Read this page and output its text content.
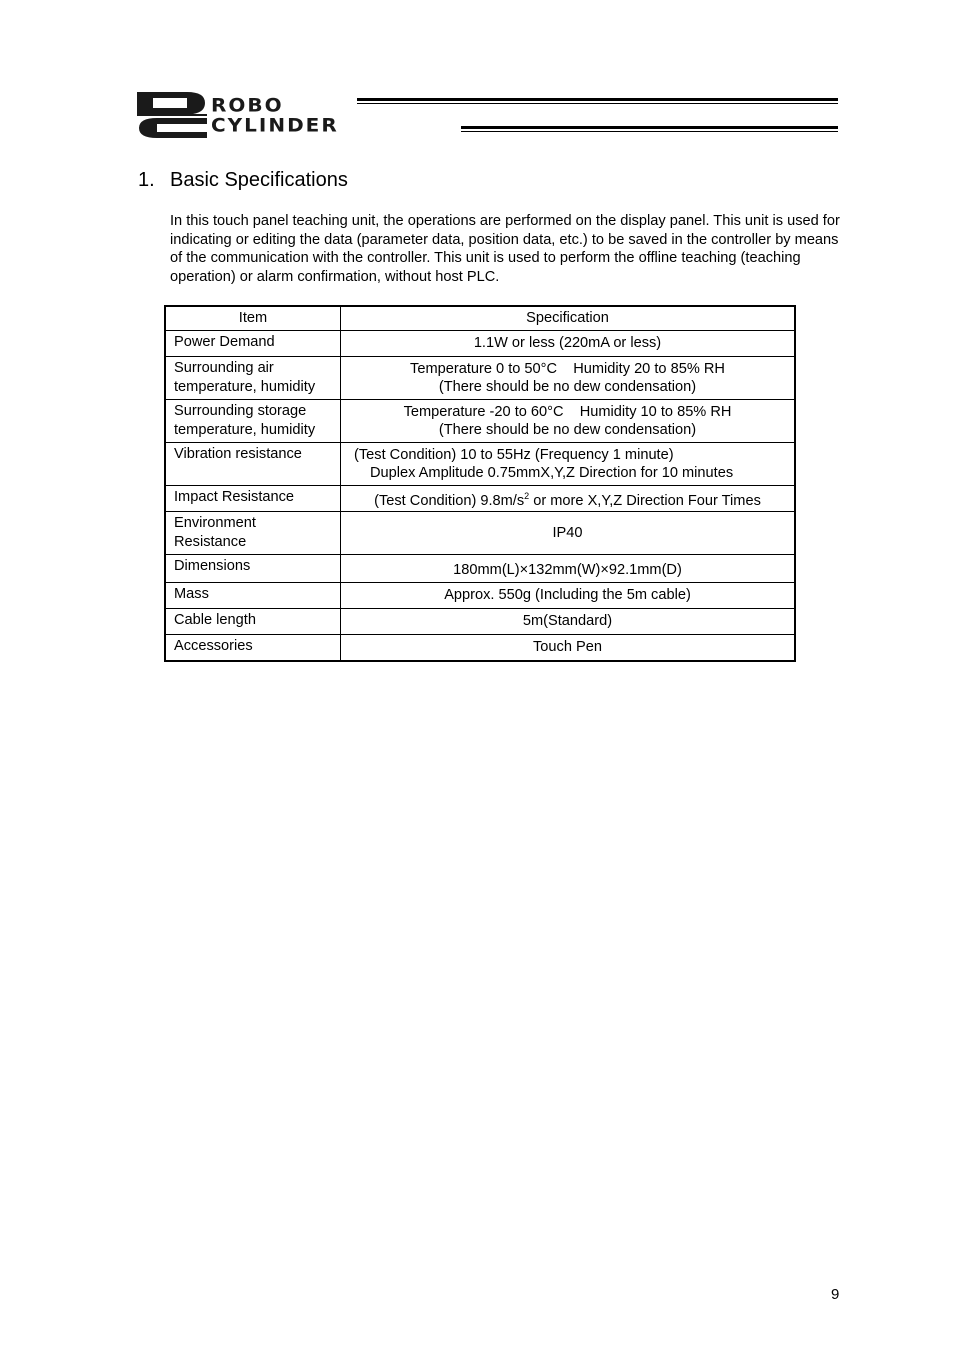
ROBO
CYLINDER
1. Basic Specifications
In this touch panel teaching unit, the operations are performed on the display panel. This unit is used for indicating or editing the data (parameter data, position data, etc.) to be saved in the controller by means of the communication with the controller. This unit is used to perform the offline teaching (teaching operation) or alarm confirmation, without host PLC.
Item	Specification
Power Demand	1.1W or less (220mA or less)
Surrounding air temperature, humidity	Temperature 0 to 50°C    Humidity 20 to 85% RH
(There should be no dew condensation)

Surrounding storage temperature, humidity	Temperature -20 to 60°C    Humidity 10 to 85% RH
(There should be no dew condensation)

Vibration resistance	(Test Condition) 10 to 55Hz (Frequency 1 minute)
Duplex Amplitude 0.75mmX,Y,Z Direction for 10 minutes

Impact Resistance	(Test Condition) $9.8m/s^2$ or more X,Y,Z Direction Four Times
Environment Resistance	IP40
Dimensions	180mm(L)×132mm(W)×92.1mm(D)
Mass	Approx. 550g (Including the 5m cable)
Cable length	5m(Standard)
Accessories	Touch Pen
9
